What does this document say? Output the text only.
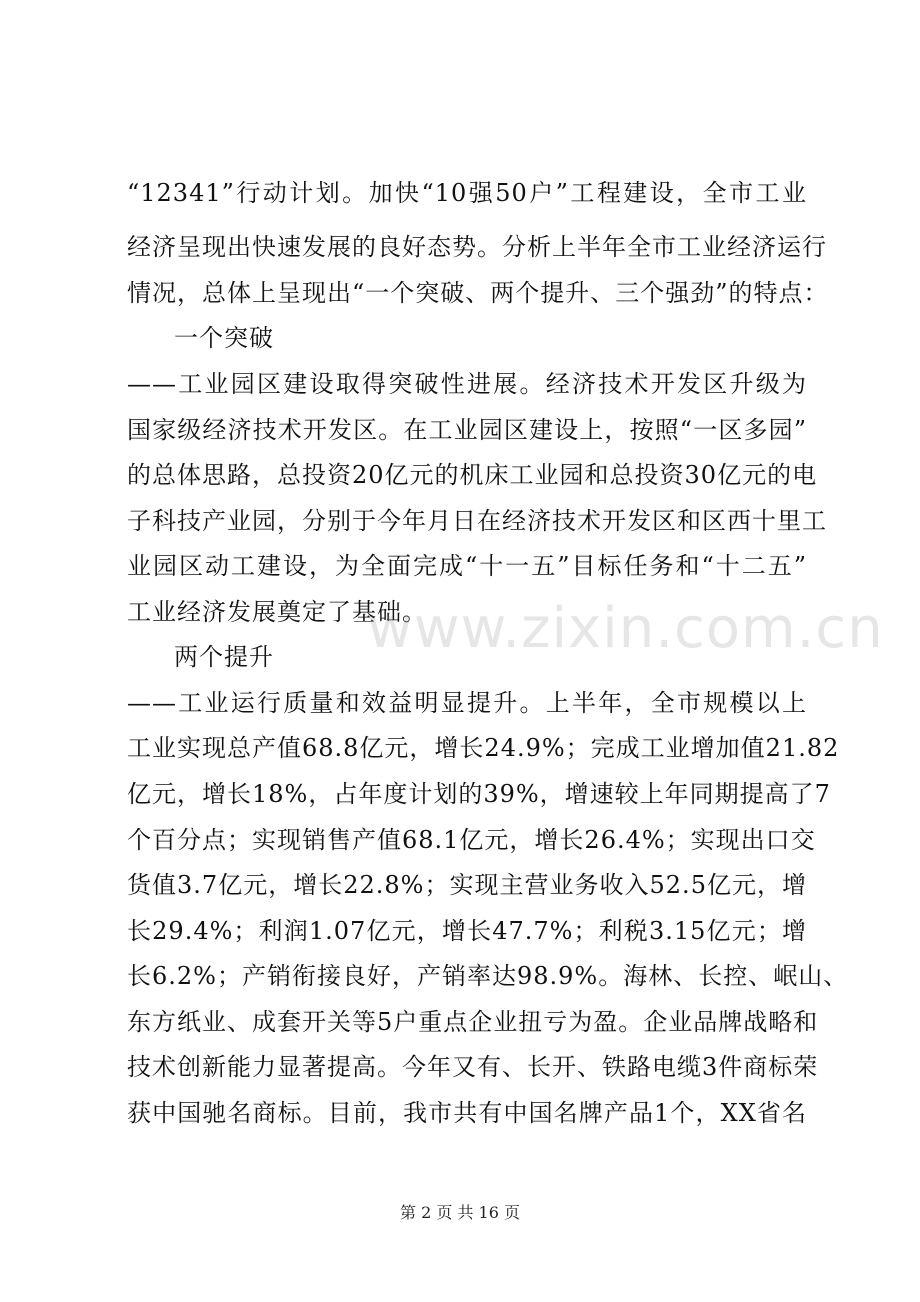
“12341”行动计划。加快“10强50户”工程建设，全市工业
经济呈现出快速发展的良好态势。分析上半年全市工业经济运行
情况，总体上呈现出“一个突破、两个提升、三个强劲”的特点：
一个突破
——工业园区建设取得突破性进展。经济技术开发区升级为
国家级经济技术开发区。在工业园区建设上，按照“一区多园”
的总体思路，总投资20亿元的机床工业园和总投资30亿元的电
子科技产业园，分别于今年月日在经济技术开发区和区西十里工
业园区动工建设，为全面完成“十一五”目标任务和“十二五”
工业经济发展奠定了基础。
两个提升
——工业运行质量和效益明显提升。上半年，全市规模以上
工业实现总产值68.8亿元，增长24.9%；完成工业增加值21.82
亿元，增长18%，占年度计划的39%，增速较上年同期提高了7
个百分点；实现销售产值68.1亿元，增长26.4%；实现出口交
货值3.7亿元，增长22.8%；实现主营业务收入52.5亿元，增
长29.4%；利润1.07亿元，增长47.7%；利税3.15亿元；增
长6.2%；产销衔接良好，产销率达98.9%。海林、长控、岷山、
东方纸业、成套开关等5户重点企业扭亏为盈。企业品牌战略和
技术创新能力显著提高。今年又有、长开、铁路电缆3件商标荣
获中国驰名商标。目前，我市共有中国名牌产品1个，XX省名
www.zixin.com.cn
第 2 页 共 16 页
